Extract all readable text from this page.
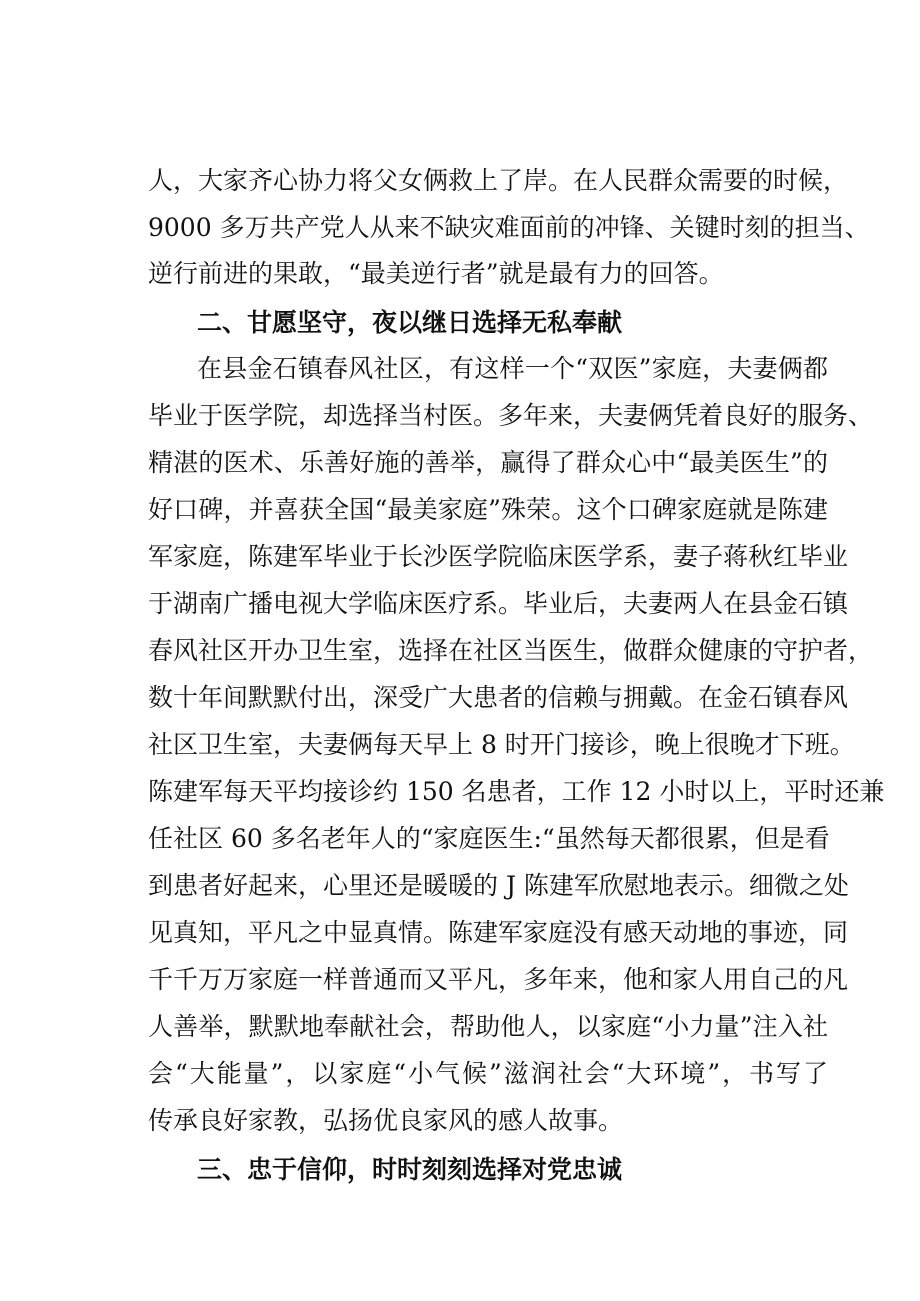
人，大家齐心协力将父女俩救上了岸。在人民群众需要的时候，
9000 多万共产党人从来不缺灾难面前的冲锋、关键时刻的担当、
逆行前进的果敢，“最美逆行者”就是最有力的回答。
二、甘愿坚守，夜以继日选择无私奉献
在县金石镇春风社区，有这样一个“双医”家庭，夫妻俩都
毕业于医学院，却选择当村医。多年来，夫妻俩凭着良好的服务、
精湛的医术、乐善好施的善举，赢得了群众心中“最美医生”的
好口碑，并喜获全国“最美家庭”殊荣。这个口碑家庭就是陈建
军家庭，陈建军毕业于长沙医学院临床医学系，妻子蒋秋红毕业
于湖南广播电视大学临床医疗系。毕业后，夫妻两人在县金石镇
春风社区开办卫生室，选择在社区当医生，做群众健康的守护者，
数十年间默默付出，深受广大患者的信赖与拥戴。在金石镇春风
社区卫生室，夫妻俩每天早上 8 时开门接诊，晚上很晚才下班。
陈建军每天平均接诊约 150 名患者，工作 12 小时以上，平时还兼
任社区 60 多名老年人的“家庭医生:“虽然每天都很累，但是看
到患者好起来，心里还是暖暖的 J 陈建军欣慰地表示。细微之处
见真知，平凡之中显真情。陈建军家庭没有感天动地的事迹，同
千千万万家庭一样普通而又平凡，多年来，他和家人用自己的凡
人善举，默默地奉献社会，帮助他人，以家庭“小力量”注入社
会“大能量”，以家庭“小气候”滋润社会“大环境”，书写了
传承良好家教，弘扬优良家风的感人故事。
三、忠于信仰，时时刻刻选择对党忠诚
